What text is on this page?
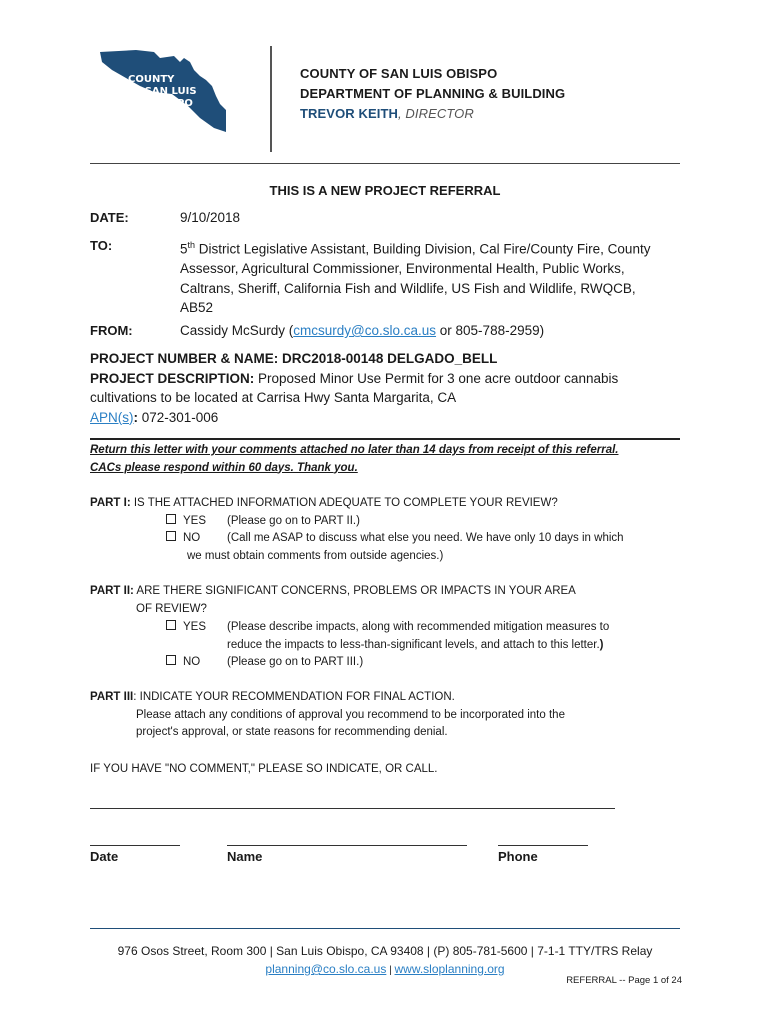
COUNTY
of SAN LUIS
OBISPO
COUNTY OF SAN LUIS OBISPO
DEPARTMENT OF PLANNING & BUILDING
TREVOR KEITH, DIRECTOR
THIS IS A NEW PROJECT REFERRAL
DATE:	9/10/2018
TO:	5th District Legislative Assistant, Building Division, Cal Fire/County Fire, County
Assessor, Agricultural Commissioner, Environmental Health, Public Works,
Caltrans, Sheriff, California Fish and Wildlife, US Fish and Wildlife, RWQCB,
AB52
FROM:	Cassidy McSurdy (cmcsurdy@co.slo.ca.us or 805-788-2959)
PROJECT NUMBER & NAME: DRC2018-00148 DELGADO_BELL
PROJECT DESCRIPTION: Proposed Minor Use Permit for 3 one acre outdoor cannabis
cultivations to be located at Carrisa Hwy Santa Margarita, CA
APN(s): 072-301-006
Return this letter with your comments attached no later than 14 days from receipt of this referral.
CACs please respond within 60 days. Thank you.
PART I: IS THE ATTACHED INFORMATION ADEQUATE TO COMPLETE YOUR REVIEW?
YES (Please go on to PART II.)
NO (Call me ASAP to discuss what else you need. We have only 10 days in which
we must obtain comments from outside agencies.)
PART II: ARE THERE SIGNIFICANT CONCERNS, PROBLEMS OR IMPACTS IN YOUR AREA
OF REVIEW?
YES (Please describe impacts, along with recommended mitigation measures to
reduce the impacts to less-than-significant levels, and attach to this letter.)
NO (Please go on to PART III.)
PART III: INDICATE YOUR RECOMMENDATION FOR FINAL ACTION.
Please attach any conditions of approval you recommend to be incorporated into the
project's approval, or state reasons for recommending denial.
IF YOU HAVE "NO COMMENT," PLEASE SO INDICATE, OR CALL.
Date	Name	Phone
976 Osos Street, Room 300 | San Luis Obispo, CA 93408 | (P) 805-781-5600 | 7-1-1 TTY/TRS Relay
planning@co.slo.ca.us | www.sloplanning.org
REFERRAL -- Page 1 of 24
